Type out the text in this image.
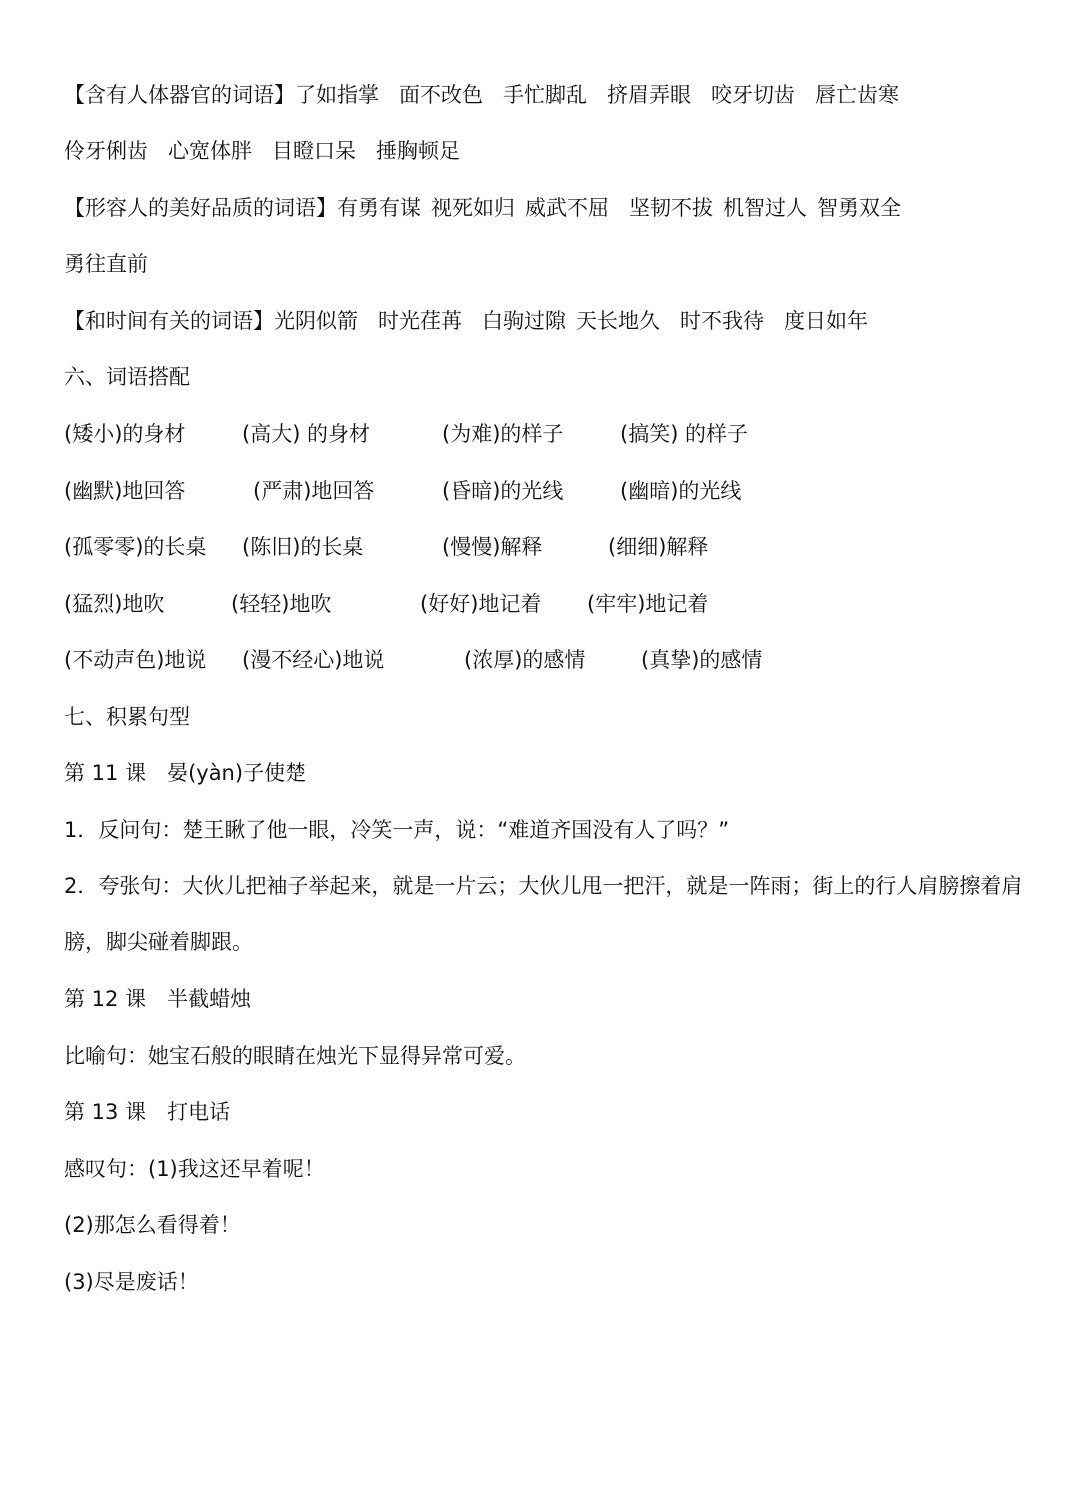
【含有人体器官的词语】了如指掌 面不改色 手忙脚乱 挤眉弄眼 咬牙切齿 唇亡齿寒
伶牙俐齿 心宽体胖 目瞪口呆 捶胸顿足
【形容人的美好品质的词语】有勇有谋 视死如归 威武不屈 坚韧不拔 机智过人 智勇双全
勇往直前
【和时间有关的词语】光阴似箭 时光荏苒 白驹过隙 天长地久 时不我待 度日如年
六、词语搭配
(矮小)的身材	(高大) 的身材	(为难)的样子	(搞笑) 的样子
(幽默)地回答	(严肃)地回答	(昏暗)的光线	(幽暗)的光线
(孤零零)的长桌 (陈旧)的长桌	(慢慢)解释	(细细)解释
(猛烈)地吹	(轻轻)地吹	(好好)地记着 (牢牢)地记着
(不动声色)地说 (漫不经心)地说	(浓厚)的感情	(真挚)的感情
七、积累句型
第 11 课　晏(yàn)子使楚
1．反问句：楚王瞅了他一眼，冷笑一声，说：“难道齐国没有人了吗？”
2．夸张句：大伙儿把袖子举起来，就是一片云；大伙儿甩一把汗，就是一阵雨；街上的行人肩膀擦着肩膀，脚尖碰着脚跟。
第 12 课　半截蜡烛
比喻句：她宝石般的眼睛在烛光下显得异常可爱。
第 13 课　打电话
感叹句：(1)我这还早着呢！
(2)那怎么看得着！
(3)尽是废话！
